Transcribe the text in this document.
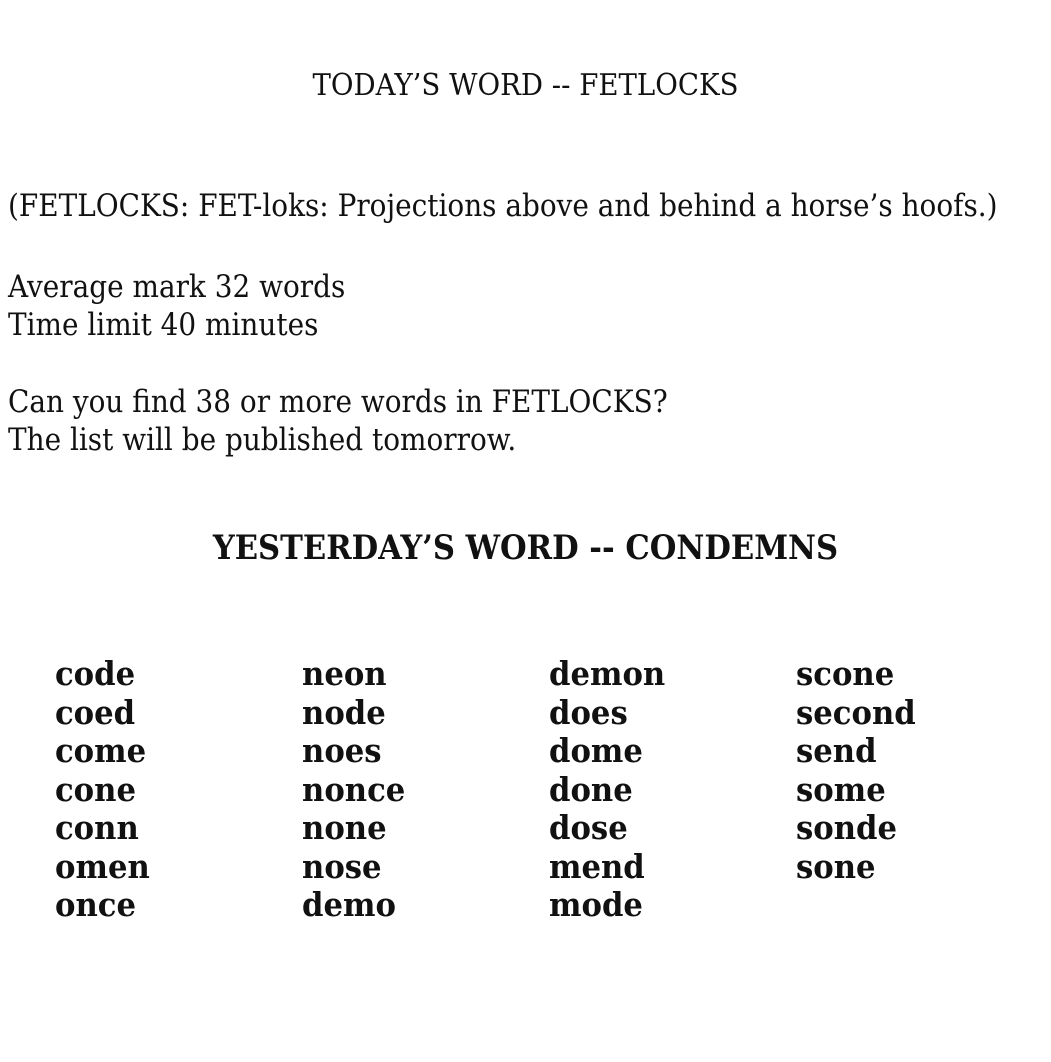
TODAY’S WORD -- FETLOCKS
(FETLOCKS: FET-loks: Projections above and behind a horse’s hoofs.)
Average mark 32 words
Time limit 40 minutes
Can you find 38 or more words in FETLOCKS?
The list will be published tomorrow.
YESTERDAY’S WORD -- CONDEMNS
code
coed
come
cone
conn
omen
once
neon
node
noes
nonce
none
nose
demo
demon
does
dome
done
dose
mend
mode
scone
second
send
some
sonde
sone
